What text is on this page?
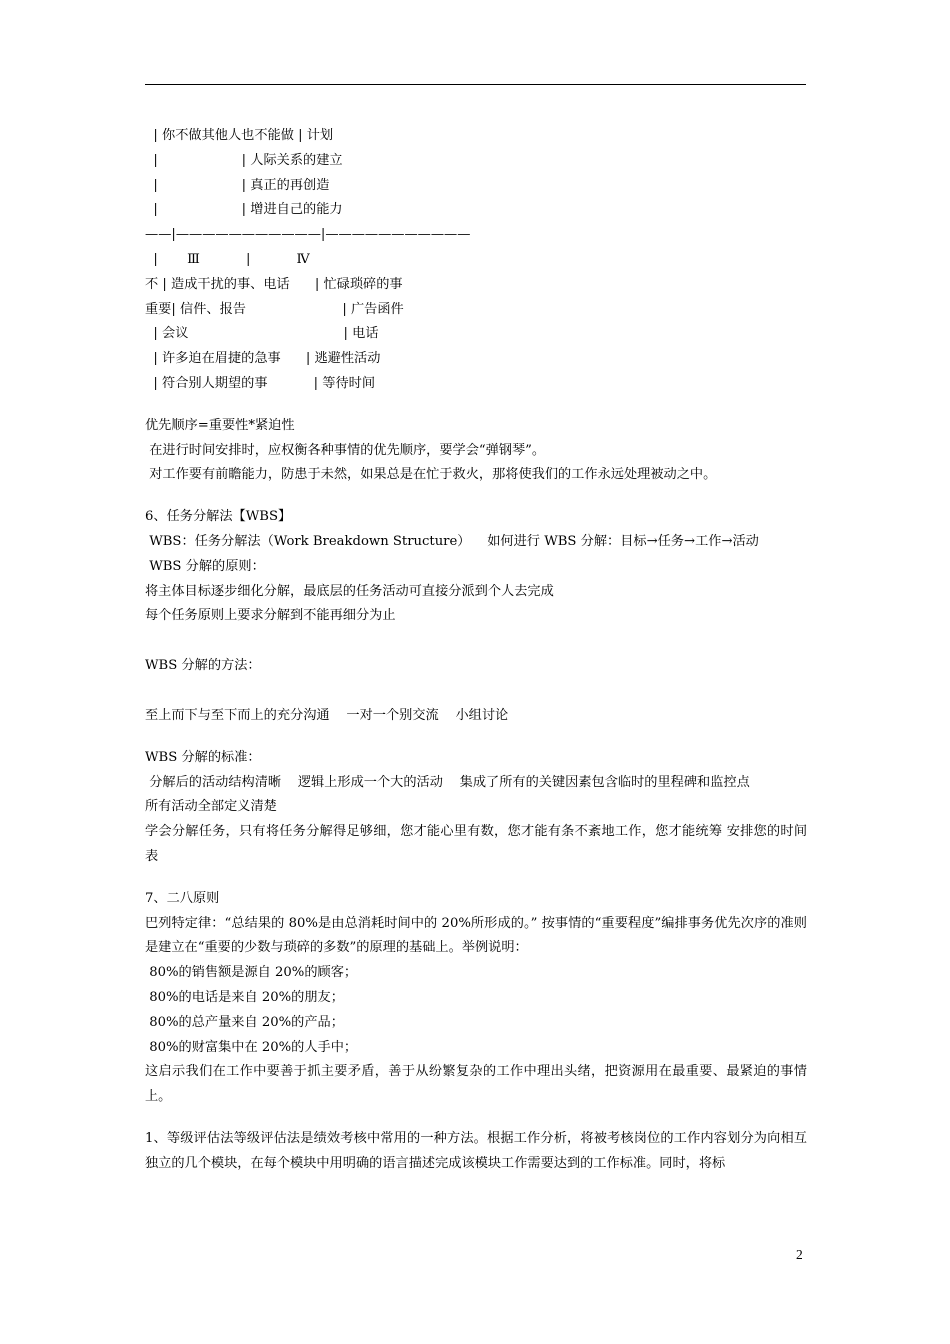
| 你不做其他人也不能做 | 计划
|                    | 人际关系的建立
|                    | 真正的再创造
|                    | 增进自己的能力
——|———————————|———————————
|       Ⅲ           |           Ⅳ
不 | 造成干扰的事、电话      | 忙碌琐碎的事
重要| 信件、报告                       | 广告函件
| 会议                                     | 电话
| 许多迫在眉捷的急事      | 逃避性活动
| 符合别人期望的事           | 等待时间
优先顺序=重要性*紧迫性
在进行时间安排时，应权衡各种事情的优先顺序，要学会“弹钢琴”。
对工作要有前瞻能力，防患于未然，如果总是在忙于救火，那将使我们的工作永远处理被动之中。
6、任务分解法【WBS】
WBS：任务分解法（Work Breakdown Structure）    如何进行 WBS 分解：目标→任务→工作→活动
WBS 分解的原则：
将主体目标逐步细化分解，最底层的任务活动可直接分派到个人去完成
每个任务原则上要求分解到不能再细分为止
WBS 分解的方法：
至上而下与至下而上的充分沟通    一对一个别交流    小组讨论
WBS 分解的标准：
分解后的活动结构清晰    逻辑上形成一个大的活动    集成了所有的关键因素包含临时的里程碑和监控点
所有活动全部定义清楚
学会分解任务，只有将任务分解得足够细，您才能心里有数，您才能有条不紊地工作，您才能统筹 安排您的时间表
7、二八原则
巴列特定律：“总结果的 80%是由总消耗时间中的 20%所形成的。” 按事情的“重要程度”编排事务优先次序的准则是建立在“重要的少数与琐碎的多数”的原理的基础上。举例说明：
80%的销售额是源自 20%的顾客；
80%的电话是来自 20%的朋友；
80%的总产量来自 20%的产品；
80%的财富集中在 20%的人手中；
这启示我们在工作中要善于抓主要矛盾，善于从纷繁复杂的工作中理出头绪，把资源用在最重要、最紧迫的事情上。
1、等级评估法等级评估法是绩效考核中常用的一种方法。根据工作分析，将被考核岗位的工作内容划分为向相互独立的几个模块，在每个模块中用明确的语言描述完成该模块工作需要达到的工作标准。同时，将标
2
